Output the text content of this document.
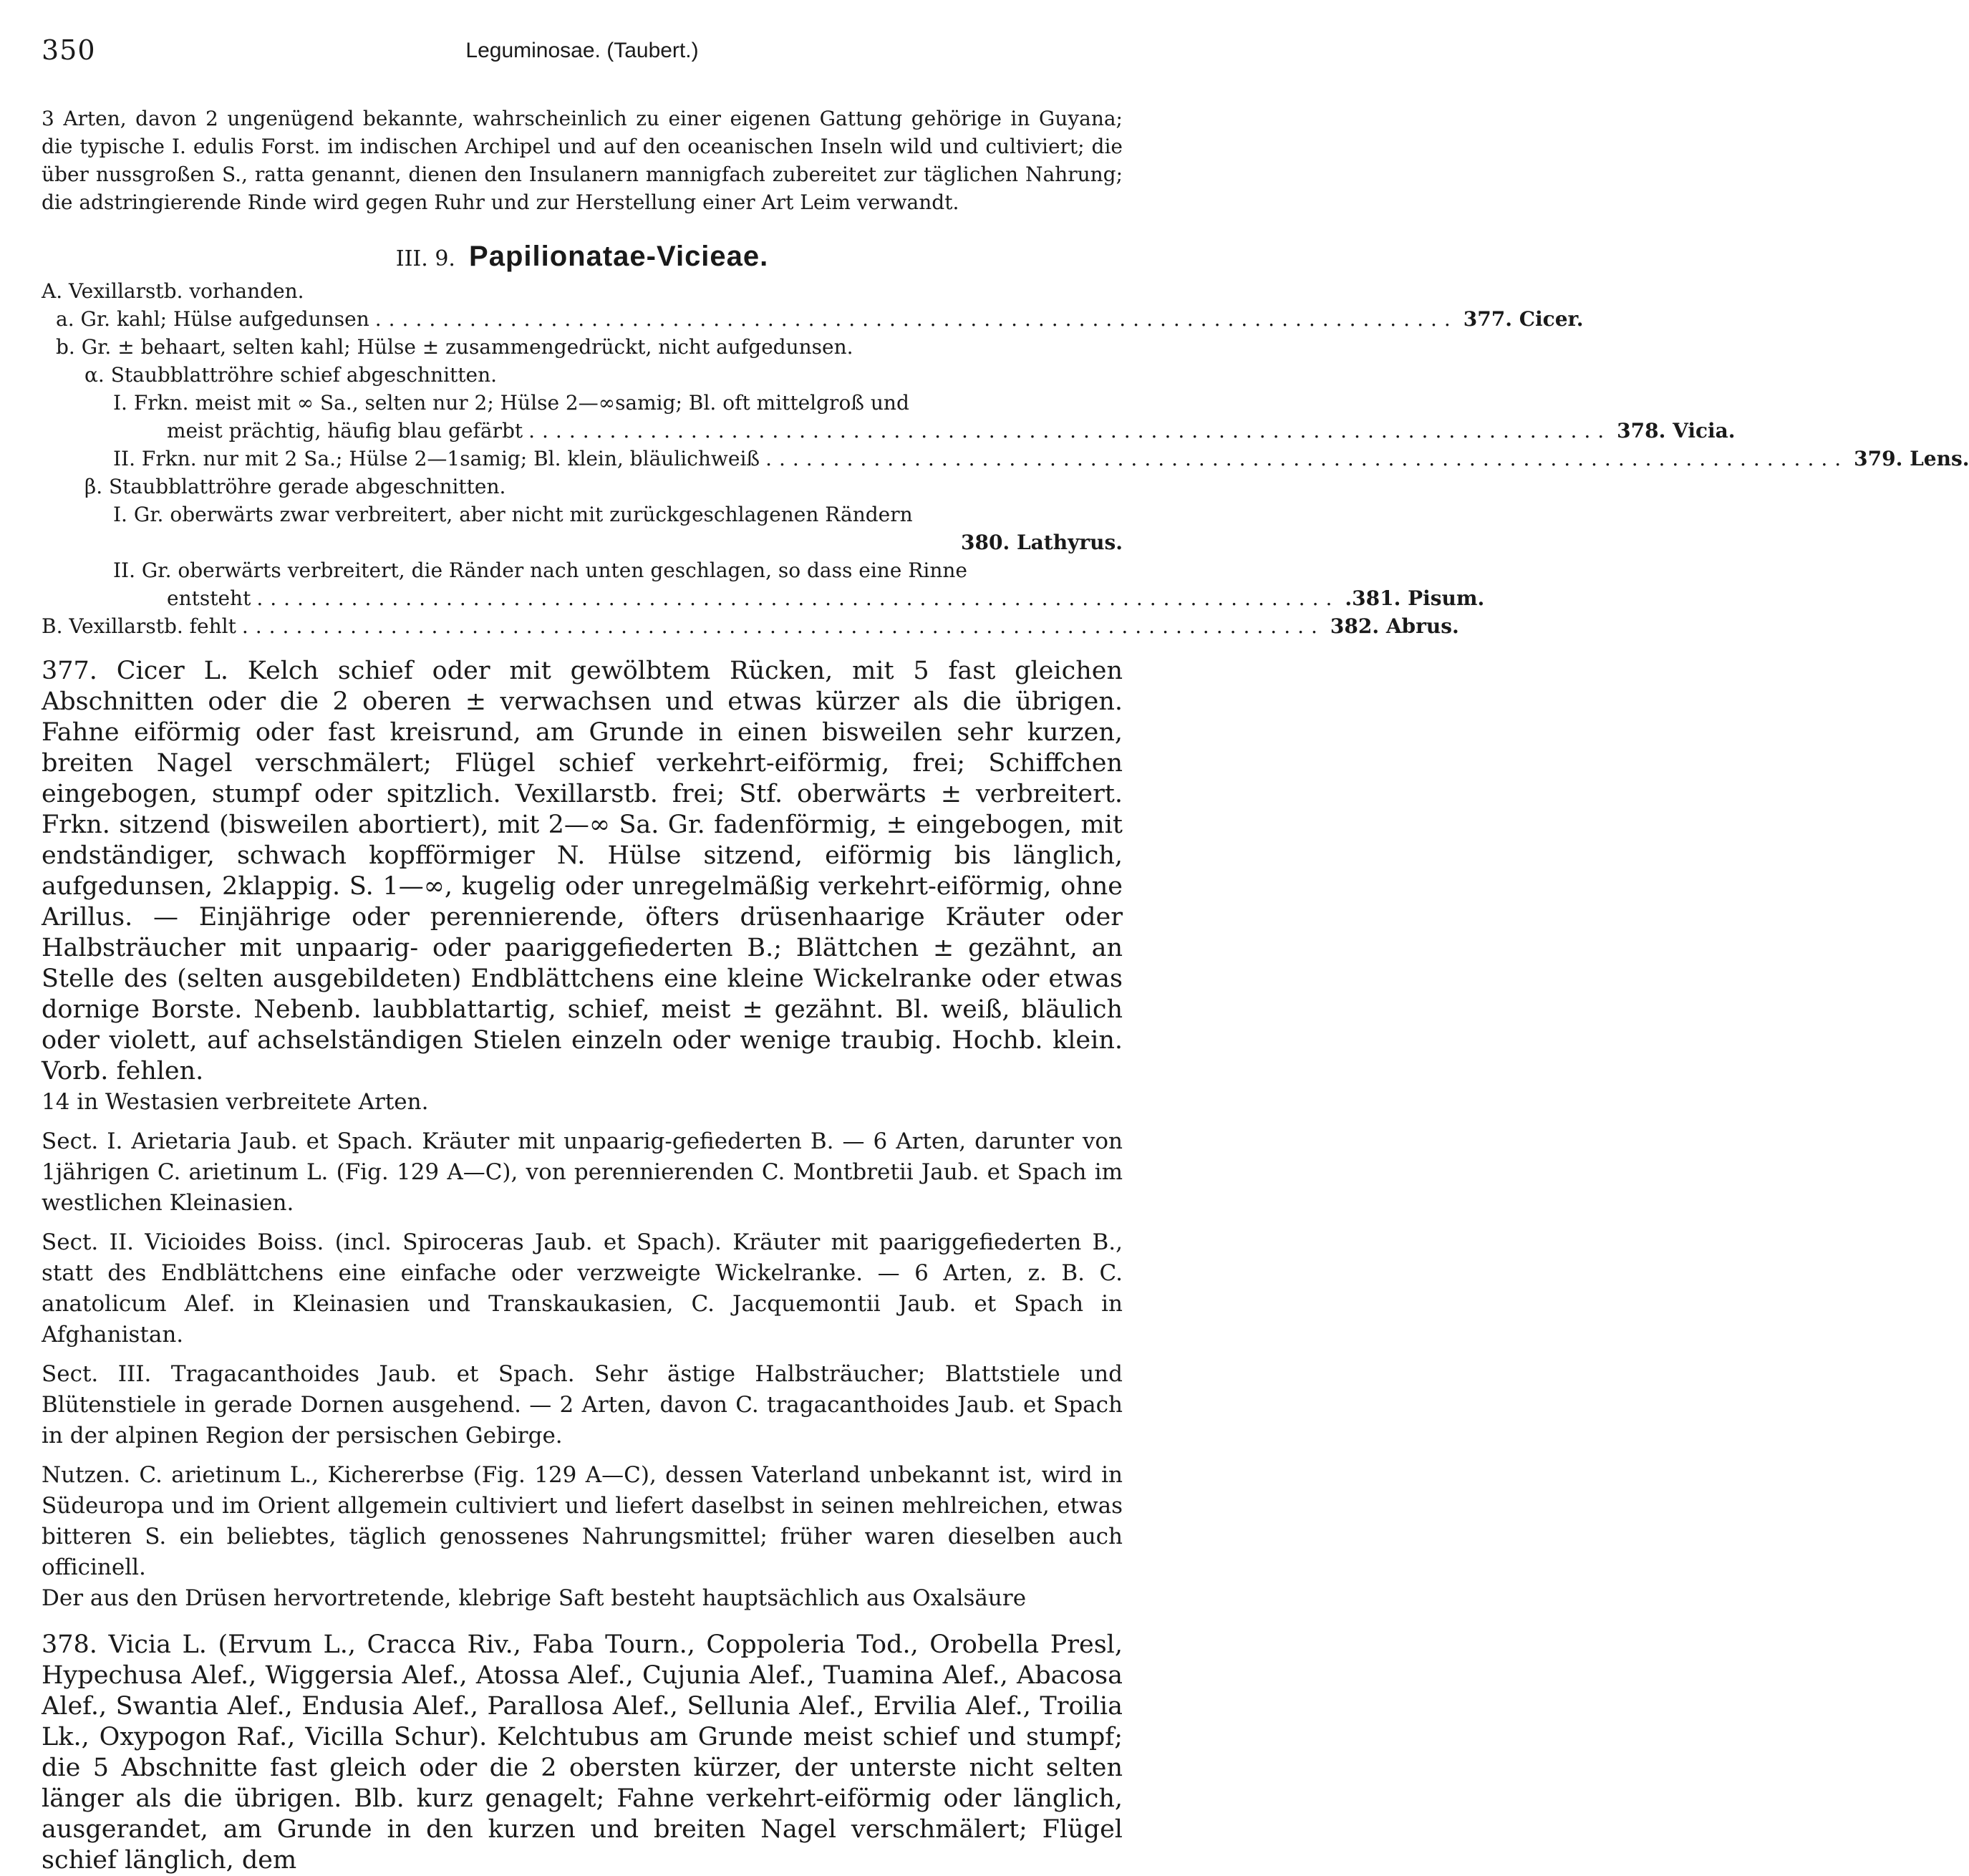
350	Leguminosae. (Taubert.)

3 Arten, davon 2 ungenügend bekannte, wahrscheinlich zu einer eigenen Gattung gehörige in Guyana; die typische I. edulis Forst. im indischen Archipel und auf den oceanischen Inseln wild und cultiviert; die über nussgroßen S., ratta genannt, dienen den Insulanern mannigfach zubereitet zur täglichen Nahrung; die adstringierende Rinde wird gegen Ruhr und zur Herstellung einer Art Leim verwandt.

III. 9. Papilionatae-Vicieae.
A. Vexillarstb. vorhanden.
a. Gr. kahl; Hülse aufgedunsen ................................................................................ 377. Cicer.
b. Gr. ± behaart, selten kahl; Hülse ± zusammengedrückt, nicht aufgedunsen.
α. Staubblattröhre schief abgeschnitten.
I. Frkn. meist mit ∞ Sa., selten nur 2; Hülse 2—∞samig; Bl. oft mittelgroß und
meist prächtig, häufig blau gefärbt ................................................................................ 378. Vicia.
II. Frkn. nur mit 2 Sa.; Hülse 2—1samig; Bl. klein, bläulichweiß ................................................................................ 379. Lens.
β. Staubblattröhre gerade abgeschnitten.
I. Gr. oberwärts zwar verbreitert, aber nicht mit zurückgeschlagenen Rändern
380. Lathyrus.
II. Gr. oberwärts verbreitert, die Ränder nach unten geschlagen, so dass eine Rinne
entsteht ................................................................................ .381. Pisum.
B. Vexillarstb. fehlt ................................................................................ 382. Abrus.

377. Cicer L. Kelch schief oder mit gewölbtem Rücken, mit 5 fast gleichen Abschnitten oder die 2 oberen ± verwachsen und etwas kürzer als die übrigen. Fahne eiförmig oder fast kreisrund, am Grunde in einen bisweilen sehr kurzen, breiten Nagel verschmälert; Flügel schief verkehrt-eiförmig, frei; Schiffchen eingebogen, stumpf oder spitzlich. Vexillarstb. frei; Stf. oberwärts ± verbreitert. Frkn. sitzend (bisweilen abortiert), mit 2—∞ Sa. Gr. fadenförmig, ± eingebogen, mit endständiger, schwach kopfförmiger N. Hülse sitzend, eiförmig bis länglich, aufgedunsen, 2klappig. S. 1—∞, kugelig oder unregelmäßig verkehrt-eiförmig, ohne Arillus. — Einjährige oder perennierende, öfters drüsenhaarige Kräuter oder Halbsträucher mit unpaarig- oder paariggefiederten B.; Blättchen ± gezähnt, an Stelle des (selten ausgebildeten) Endblättchens eine kleine Wickelranke oder etwas dornige Borste. Nebenb. laubblattartig, schief, meist ± gezähnt. Bl. weiß, bläulich oder violett, auf achselständigen Stielen einzeln oder wenige traubig. Hochb. klein. Vorb. fehlen.

14 in Westasien verbreitete Arten.

Sect. I. Arietaria Jaub. et Spach. Kräuter mit unpaarig-gefiederten B. — 6 Arten, darunter von 1jährigen C. arietinum L. (Fig. 129 A—C), von perennierenden C. Montbretii Jaub. et Spach im westlichen Kleinasien.

Sect. II. Vicioides Boiss. (incl. Spiroceras Jaub. et Spach). Kräuter mit paariggefiederten B., statt des Endblättchens eine einfache oder verzweigte Wickelranke. — 6 Arten, z. B. C. anatolicum Alef. in Kleinasien und Transkaukasien, C. Jacquemontii Jaub. et Spach in Afghanistan.

Sect. III. Tragacanthoides Jaub. et Spach. Sehr ästige Halbsträucher; Blattstiele und Blütenstiele in gerade Dornen ausgehend. — 2 Arten, davon C. tragacanthoides Jaub. et Spach in der alpinen Region der persischen Gebirge.

Nutzen. C. arietinum L., Kichererbse (Fig. 129 A—C), dessen Vaterland unbekannt ist, wird in Südeuropa und im Orient allgemein cultiviert und liefert daselbst in seinen mehlreichen, etwas bitteren S. ein beliebtes, täglich genossenes Nahrungsmittel; früher waren dieselben auch officinell.

Der aus den Drüsen hervortretende, klebrige Saft besteht hauptsächlich aus Oxalsäure

378. Vicia L. (Ervum L., Cracca Riv., Faba Tourn., Coppoleria Tod., Orobella Presl, Hypechusa Alef., Wiggersia Alef., Atossa Alef., Cujunia Alef., Tuamina Alef., Abacosa Alef., Swantia Alef., Endusia Alef., Parallosa Alef., Sellunia Alef., Ervilia Alef., Troilia Lk., Oxypogon Raf., Vicilla Schur). Kelchtubus am Grunde meist schief und stumpf; die 5 Abschnitte fast gleich oder die 2 obersten kürzer, der unterste nicht selten länger als die übrigen. Blb. kurz genagelt; Fahne verkehrt-eiförmig oder länglich, ausgerandet, am Grunde in den kurzen und breiten Nagel verschmälert; Flügel schief länglich, dem
